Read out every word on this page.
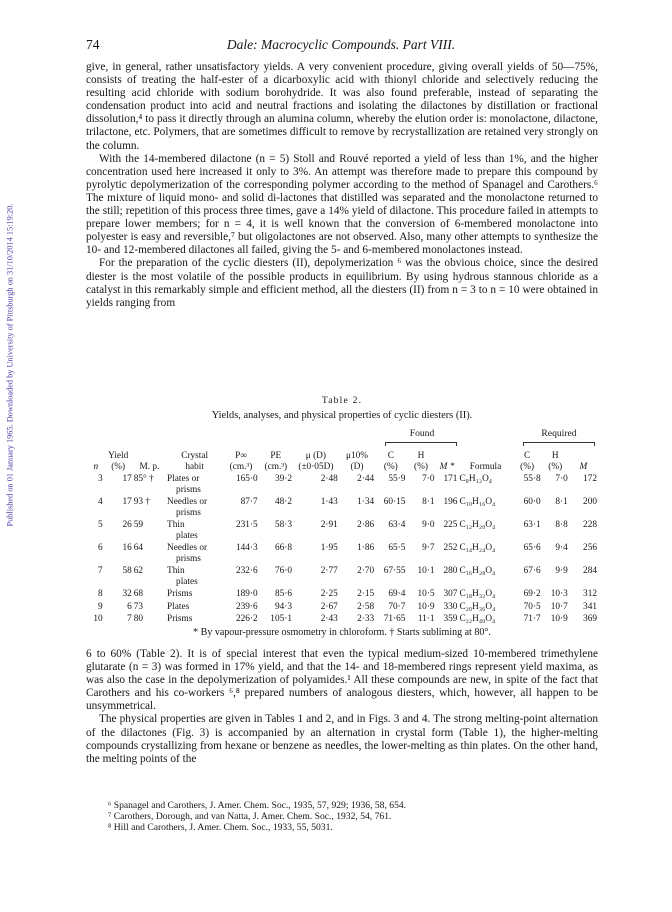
Published on 01 January 1965. Downloaded by University of Pittsburgh on 31/10/2014 15:19:20.
74	Dale: Macrocyclic Compounds. Part VIII.

give, in general, rather unsatisfactory yields. A very convenient procedure, giving overall yields of 50—75%, consists of treating the half-ester of a dicarboxylic acid with thionyl chloride and selectively reducing the resulting acid chloride with sodium borohydride. It was also found preferable, instead of separating the condensation product into acid and neutral fractions and isolating the dilactones by distillation or fractional dissolution,⁴ to pass it directly through an alumina column, whereby the elution order is: monolactone, dilactone, trilactone, etc. Polymers, that are sometimes difficult to remove by recrystallization are retained very strongly on the column.

With the 14-membered dilactone (n = 5) Stoll and Rouvé reported a yield of less than 1%, and the higher concentration used here increased it only to 3%. An attempt was therefore made to prepare this compound by pyrolytic depolymerization of the corresponding polymer according to the method of Spanagel and Carothers.⁶ The mixture of liquid mono- and solid di-lactones that distilled was separated and the monolactone returned to the still; repetition of this process three times, gave a 14% yield of dilactone. This procedure failed in attempts to prepare lower members; for n = 4, it is well known that the conversion of 6-membered monolactone into polyester is easy and reversible,⁷ but oligolactones are not observed. Also, many other attempts to synthesize the 10- and 12-membered dilactones all failed, giving the 5- and 6-membered monolactones instead.

For the preparation of the cyclic diesters (II), depolymerization ⁶ was the obvious choice, since the desired diester is the most volatile of the possible products in equilibrium. By using hydrous stannous chloride as a catalyst in this remarkably simple and efficient method, all the diesters (II) from n = 3 to n = 10 were obtained in yields ranging from

Table 2.
Yields, analyses, and physical properties of cyclic diesters (II).
Found	Required
	Yield		Crystal	P∞	PE	μ (D)	μ10%	C	H			C	H	
n	(%)	M. p.	habit	(cm.³)	(cm.³)	(±0·05D)	(D)	(%)	(%)	M *	Formula	(%)	(%)	M
3	17	85° †	Plates or	165·0	39·2	2·48	2·44	55·9	7·0	171	C₈H₁₂O₄	55·8	7·0	172
			prisms											
4	17	93 †	Needles or	87·7	48·2	1·43	1·34	60·15	8·1	196	C₁₀H₁₆O₄	60·0	8·1	200
			prisms											
5	26	59	Thin	231·5	58·3	2·91	2·86	63·4	9·0	225	C₁₂H₂₀O₄	63·1	8·8	228
			plates											
6	16	64	Needles or	144·3	66·8	1·95	1·86	65·5	9·7	252	C₁₄H₂₄O₄	65·6	9·4	256
			prisms											
7	58	62	Thin	232·6	76·0	2·77	2·70	67·55	10·1	280	C₁₆H₂₈O₄	67·6	9·9	284
			plates											
8	32	68	Prisms	189·0	85·6	2·25	2·15	69·4	10·5	307	C₁₈H₃₂O₄	69·2	10·3	312
9	6	73	Plates	239·6	94·3	2·67	2·58	70·7	10·9	330	C₂₀H₃₆O₄	70·5	10·7	341
10	7	80	Prisms	226·2	105·1	2·43	2·33	71·65	11·1	359	C₂₂H₄₀O₄	71·7	10·9	369
* By vapour-pressure osmometry in chloroform. † Starts subliming at 80°.

6 to 60% (Table 2). It is of special interest that even the typical medium-sized 10-membered trimethylene glutarate (n = 3) was formed in 17% yield, and that the 14- and 18-membered rings represent yield maxima, as was also the case in the depolymerization of polyamides.¹ All these compounds are new, in spite of the fact that Carothers and his co-workers ⁶,⁸ prepared numbers of analogous diesters, which, however, all happen to be unsymmetrical.

The physical properties are given in Tables 1 and 2, and in Figs. 3 and 4. The strong melting-point alternation of the dilactones (Fig. 3) is accompanied by an alternation in crystal form (Table 1), the higher-melting compounds crystallizing from hexane or benzene as needles, the lower-melting as thin plates. On the other hand, the melting points of the

⁶ Spanagel and Carothers, J. Amer. Chem. Soc., 1935, 57, 929; 1936, 58, 654.
⁷ Carothers, Dorough, and van Natta, J. Amer. Chem. Soc., 1932, 54, 761.
⁸ Hill and Carothers, J. Amer. Chem. Soc., 1933, 55, 5031.
